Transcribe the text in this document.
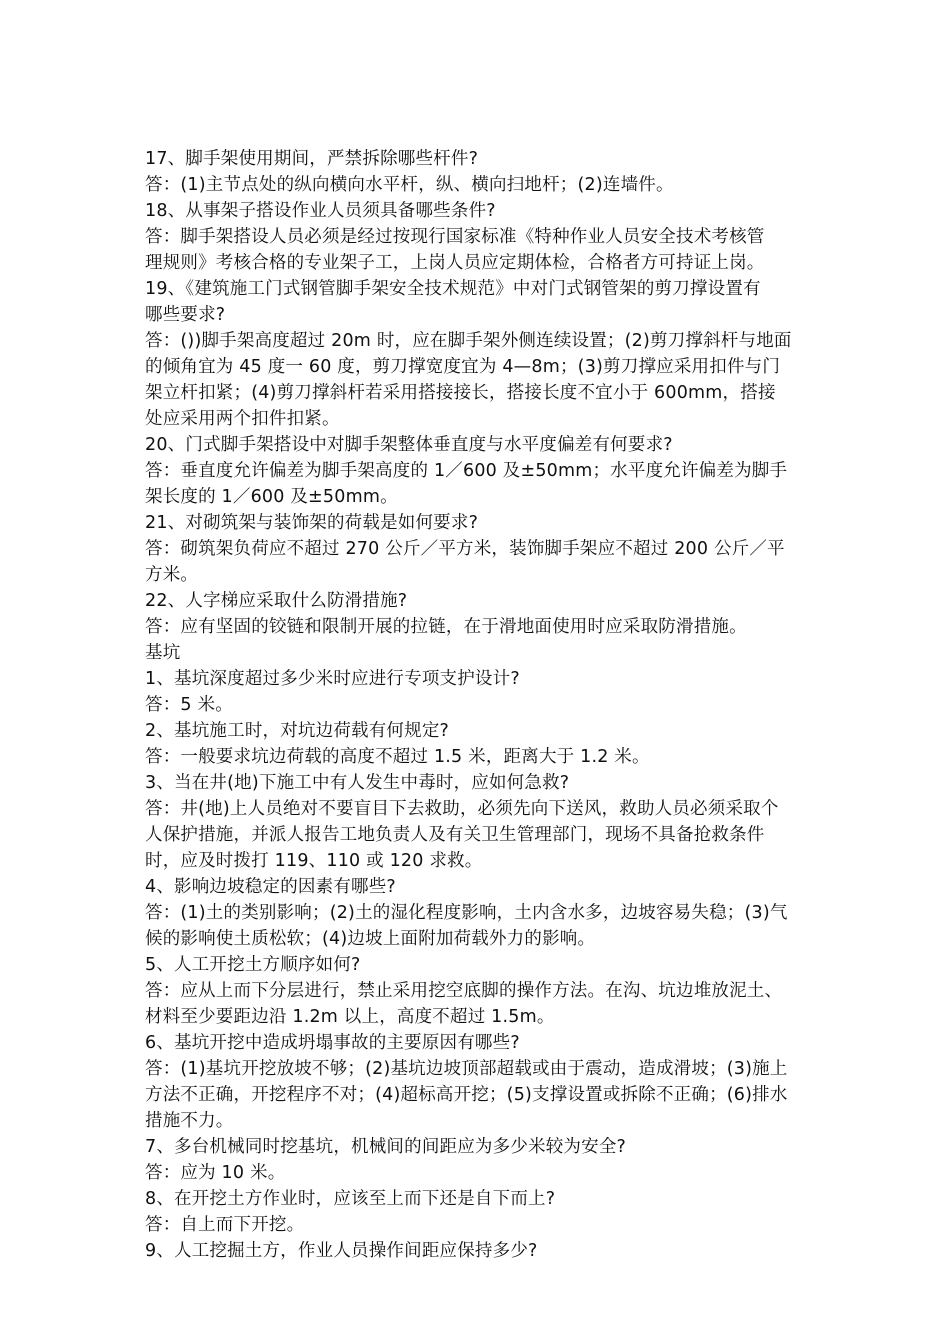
17、脚手架使用期间，严禁拆除哪些杆件?

答：(1)主节点处的纵向横向水平杆，纵、横向扫地杆；(2)连墙件。

18、从事架子搭设作业人员须具备哪些条件?

答：脚手架搭设人员必须是经过按现行国家标准《特种作业人员安全技术考核管

理规则》考核合格的专业架子工，上岗人员应定期体检，合格者方可持证上岗。

19、《建筑施工门式钢管脚手架安全技术规范》中对门式钢管架的剪刀撑设置有

哪些要求?

答：())脚手架高度超过 20m 时，应在脚手架外侧连续设置；(2)剪刀撑斜杆与地面

的倾角宜为 45 度一 60 度，剪刀撑宽度宜为 4—8m；(3)剪刀撑应采用扣件与门

架立杆扣紧；(4)剪刀撑斜杆若采用搭接接长，搭接长度不宜小于 600mm，搭接

处应采用两个扣件扣紧。

20、门式脚手架搭设中对脚手架整体垂直度与水平度偏差有何要求?

答：垂直度允许偏差为脚手架高度的 1／600 及±50mm；水平度允许偏差为脚手

架长度的 1／600 及±50mm。

21、对砌筑架与装饰架的荷载是如何要求?

答：砌筑架负荷应不超过 270 公斤／平方米，装饰脚手架应不超过 200 公斤／平

方米。

22、人字梯应采取什么防滑措施?

答：应有坚固的铰链和限制开展的拉链，在于滑地面使用时应采取防滑措施。

基坑

1、基坑深度超过多少米时应进行专项支护设计?

答：5 米。

2、基坑施工时，对坑边荷载有何规定?

答：一般要求坑边荷载的高度不超过 1.5 米，距离大于 1.2 米。

3、当在井(地)下施工中有人发生中毒时，应如何急救?

答：井(地)上人员绝对不要盲目下去救助，必须先向下送风，救助人员必须采取个

人保护措施，并派人报告工地负责人及有关卫生管理部门，现场不具备抢救条件

时，应及时拨打 119、110 或 120 求救。

4、影响边坡稳定的因素有哪些?

答：(1)土的类别影响；(2)土的湿化程度影响，土内含水多，边坡容易失稳；(3)气

候的影响使土质松软；(4)边坡上面附加荷载外力的影响。

5、人工开挖土方顺序如何?

答：应从上而下分层进行，禁止采用挖空底脚的操作方法。在沟、坑边堆放泥土、

材料至少要距边沿 1.2m 以上，高度不超过 1.5m。

6、基坑开挖中造成坍塌事故的主要原因有哪些?

答：(1)基坑开挖放坡不够；(2)基坑边坡顶部超载或由于震动，造成滑坡；(3)施上

方法不正确，开挖程序不对；(4)超标高开挖；(5)支撑设置或拆除不正确；(6)排水

措施不力。

7、多台机械同时挖基坑，机械间的间距应为多少米较为安全?

答：应为 10 米。

8、在开挖土方作业时，应该至上而下还是自下而上?

答：自上而下开挖。

9、人工挖掘土方，作业人员操作间距应保持多少?
